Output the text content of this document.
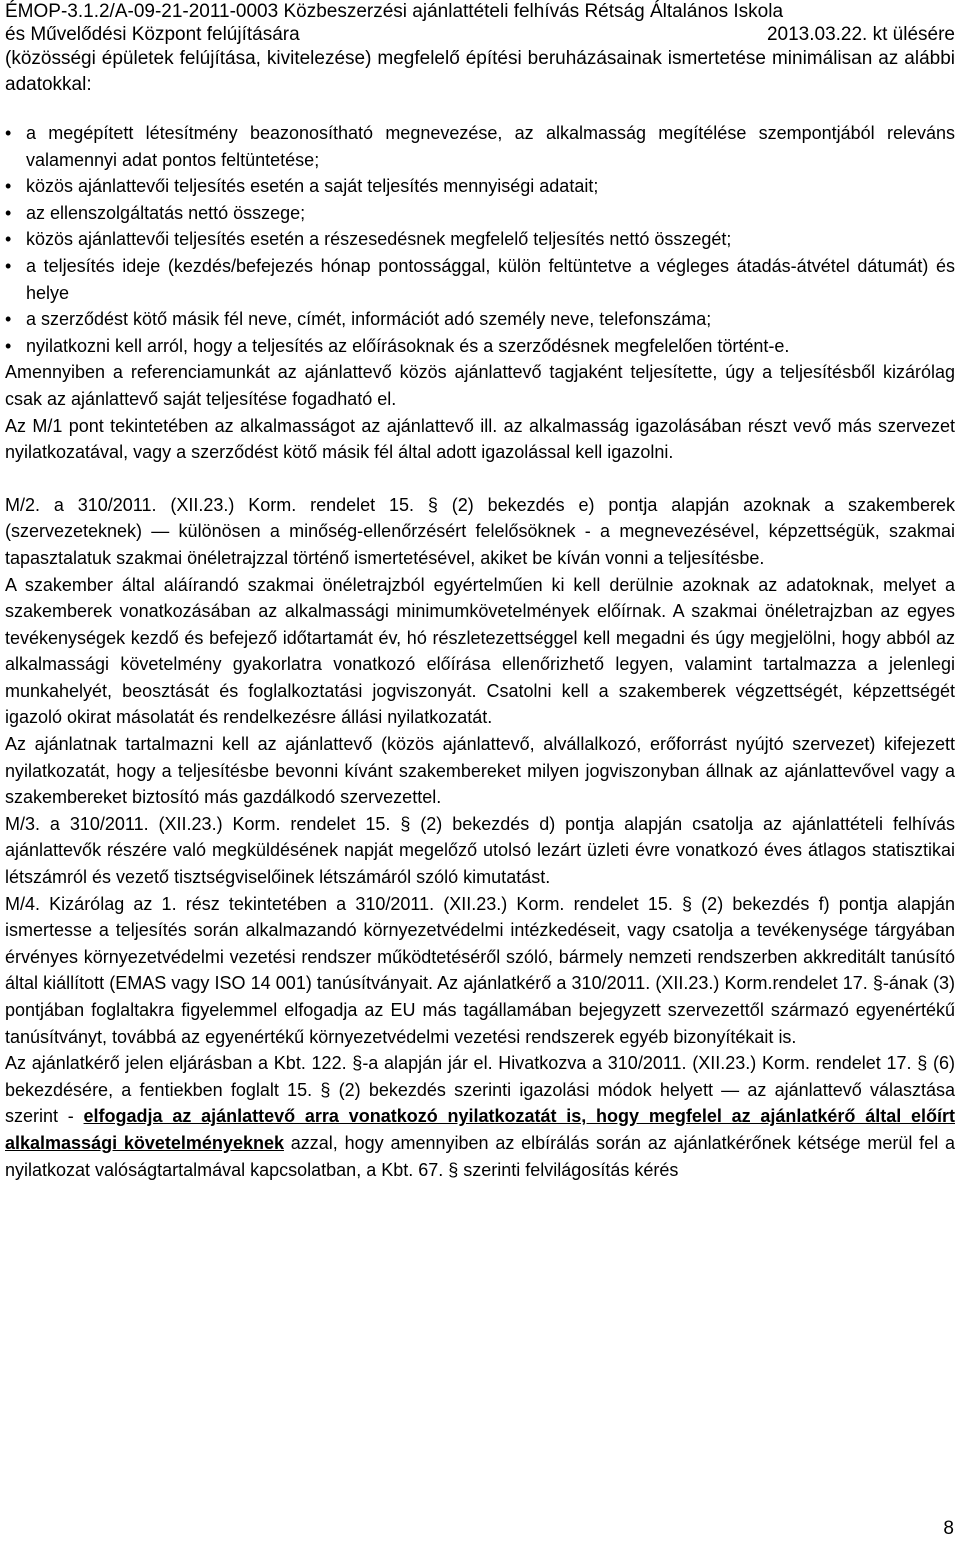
ÉMOP-3.1.2/A-09-21-2011-0003 Közbeszerzési ajánlattételi felhívás Rétság Általános Iskola
és Művelődési Központ felújítására	2013.03.22. kt ülésére

(közösségi épületek felújítása, kivitelezése) megfelelő építési beruházásainak ismertetése minimálisan az alábbi adatokkal:

• a megépített létesítmény beazonosítható megnevezése, az alkalmasság megítélése szempontjából releváns valamennyi adat pontos feltüntetése;
• közös ajánlattevői teljesítés esetén a saját teljesítés mennyiségi adatait;
• az ellenszolgáltatás nettó összege;
• közös ajánlattevői teljesítés esetén a részesedésnek megfelelő teljesítés nettó összegét;
• a teljesítés ideje (kezdés/befejezés hónap pontossággal, külön feltüntetve a végleges átadás-átvétel dátumát) és helye
• a szerződést kötő másik fél neve, címét, információt adó személy neve, telefonszáma;
• nyilatkozni kell arról, hogy a teljesítés az előírásoknak és a szerződésnek megfelelően történt-e.

Amennyiben a referenciamunkát az ajánlattevő közös ajánlattevő tagjaként teljesítette, úgy a teljesítésből kizárólag csak az ajánlattevő saját teljesítése fogadható el.

Az M/1 pont tekintetében az alkalmasságot az ajánlattevő ill. az alkalmasság igazolásában részt vevő más szervezet nyilatkozatával, vagy a szerződést kötő másik fél által adott igazolással kell igazolni.

M/2. a 310/2011. (XII.23.) Korm. rendelet 15. § (2) bekezdés e) pontja alapján azoknak a szakemberek (szervezeteknek) — különösen a minőség-ellenőrzésért felelősöknek - a megnevezésével, képzettségük, szakmai tapasztalatuk szakmai önéletrajzzal történő ismertetésével, akiket be kíván vonni a teljesítésbe.

A szakember által aláírandó szakmai önéletrajzból egyértelműen ki kell derülnie azoknak az adatoknak, melyet a szakemberek vonatkozásában az alkalmassági minimumkövetelmények előírnak. A szakmai önéletrajzban az egyes tevékenységek kezdő és befejező időtartamát év, hó részletezettséggel kell megadni és úgy megjelölni, hogy abból az alkalmassági követelmény gyakorlatra vonatkozó előírása ellenőrizhető legyen, valamint tartalmazza a jelenlegi munkahelyét, beosztását és foglalkoztatási jogviszonyát. Csatolni kell a szakemberek végzettségét, képzettségét igazoló okirat másolatát és rendelkezésre állási nyilatkozatát.

Az ajánlatnak tartalmazni kell az ajánlattevő (közös ajánlattevő, alvállalkozó, erőforrást nyújtó szervezet) kifejezett nyilatkozatát, hogy a teljesítésbe bevonni kívánt szakembereket milyen jogviszonyban állnak az ajánlattevővel vagy a szakembereket biztosító más gazdálkodó szervezettel.

M/3. a 310/2011. (XII.23.) Korm. rendelet 15. § (2) bekezdés d) pontja alapján csatolja az ajánlattételi felhívás ajánlattevők részére való megküldésének napját megelőző utolsó lezárt üzleti évre vonatkozó éves átlagos statisztikai létszámról és vezető tisztségviselőinek létszámáról szóló kimutatást.

M/4. Kizárólag az 1. rész tekintetében a 310/2011. (XII.23.) Korm. rendelet 15. § (2) bekezdés f) pontja alapján ismertesse a teljesítés során alkalmazandó környezetvédelmi intézkedéseit, vagy csatolja a tevékenysége tárgyában érvényes környezetvédelmi vezetési rendszer működtetéséről szóló, bármely nemzeti rendszerben akkreditált tanúsító által kiállított (EMAS vagy ISO 14 001) tanúsítványait. Az ajánlatkérő a 310/2011. (XII.23.) Korm.rendelet 17. §-ának (3) pontjában foglaltakra figyelemmel elfogadja az EU más tagállamában bejegyzett szervezettől származó egyenértékű tanúsítványt, továbbá az egyenértékű környezetvédelmi vezetési rendszerek egyéb bizonyítékait is.

Az ajánlatkérő jelen eljárásban a Kbt. 122. §-a alapján jár el. Hivatkozva a 310/2011. (XII.23.) Korm. rendelet 17. § (6) bekezdésére, a fentiekben foglalt 15. § (2) bekezdés szerinti igazolási módok helyett — az ajánlattevő választása szerint - elfogadja az ajánlattevő arra vonatkozó nyilatkozatát is, hogy megfelel az ajánlatkérő által előírt alkalmassági követelményeknek azzal, hogy amennyiben az elbírálás során az ajánlatkérőnek kétsége merül fel a nyilatkozat valóságtartalmával kapcsolatban, a Kbt. 67. § szerinti felvilágosítás kérés

8
